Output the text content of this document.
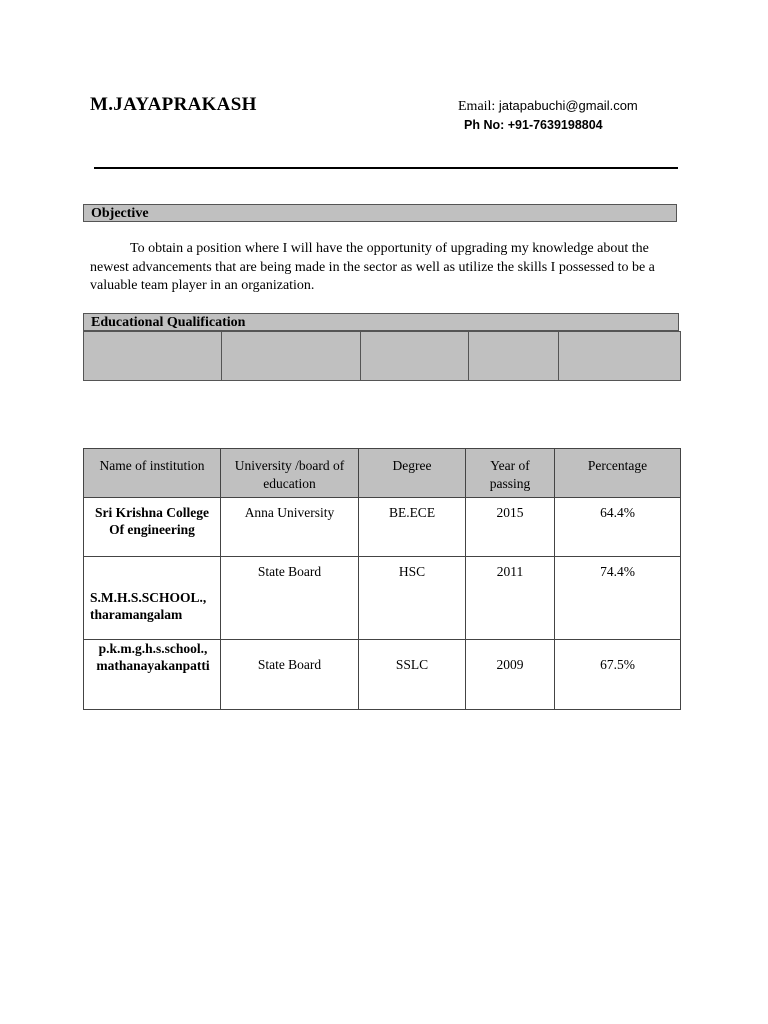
M.JAYAPRAKASH	Email: jatapabuchi@gmail.com
Ph No: +91-7639198804
Objective
To obtain a position where I will have the opportunity of upgrading my knowledge about the newest advancements that are being made in the sector as well as utilize the skills I possessed to be a valuable team player in an organization.
Educational Qualification

Name of institution	University /board of education	Degree	Year of passing	Percentage
Sri Krishna College Of engineering	Anna University	BE.ECE	2015	64.4%
S.M.H.S.SCHOOL., tharamangalam	State Board	HSC	2011	74.4%
p.k.m.g.h.s.school., mathanayakanpatti	State Board	SSLC	2009	67.5%
